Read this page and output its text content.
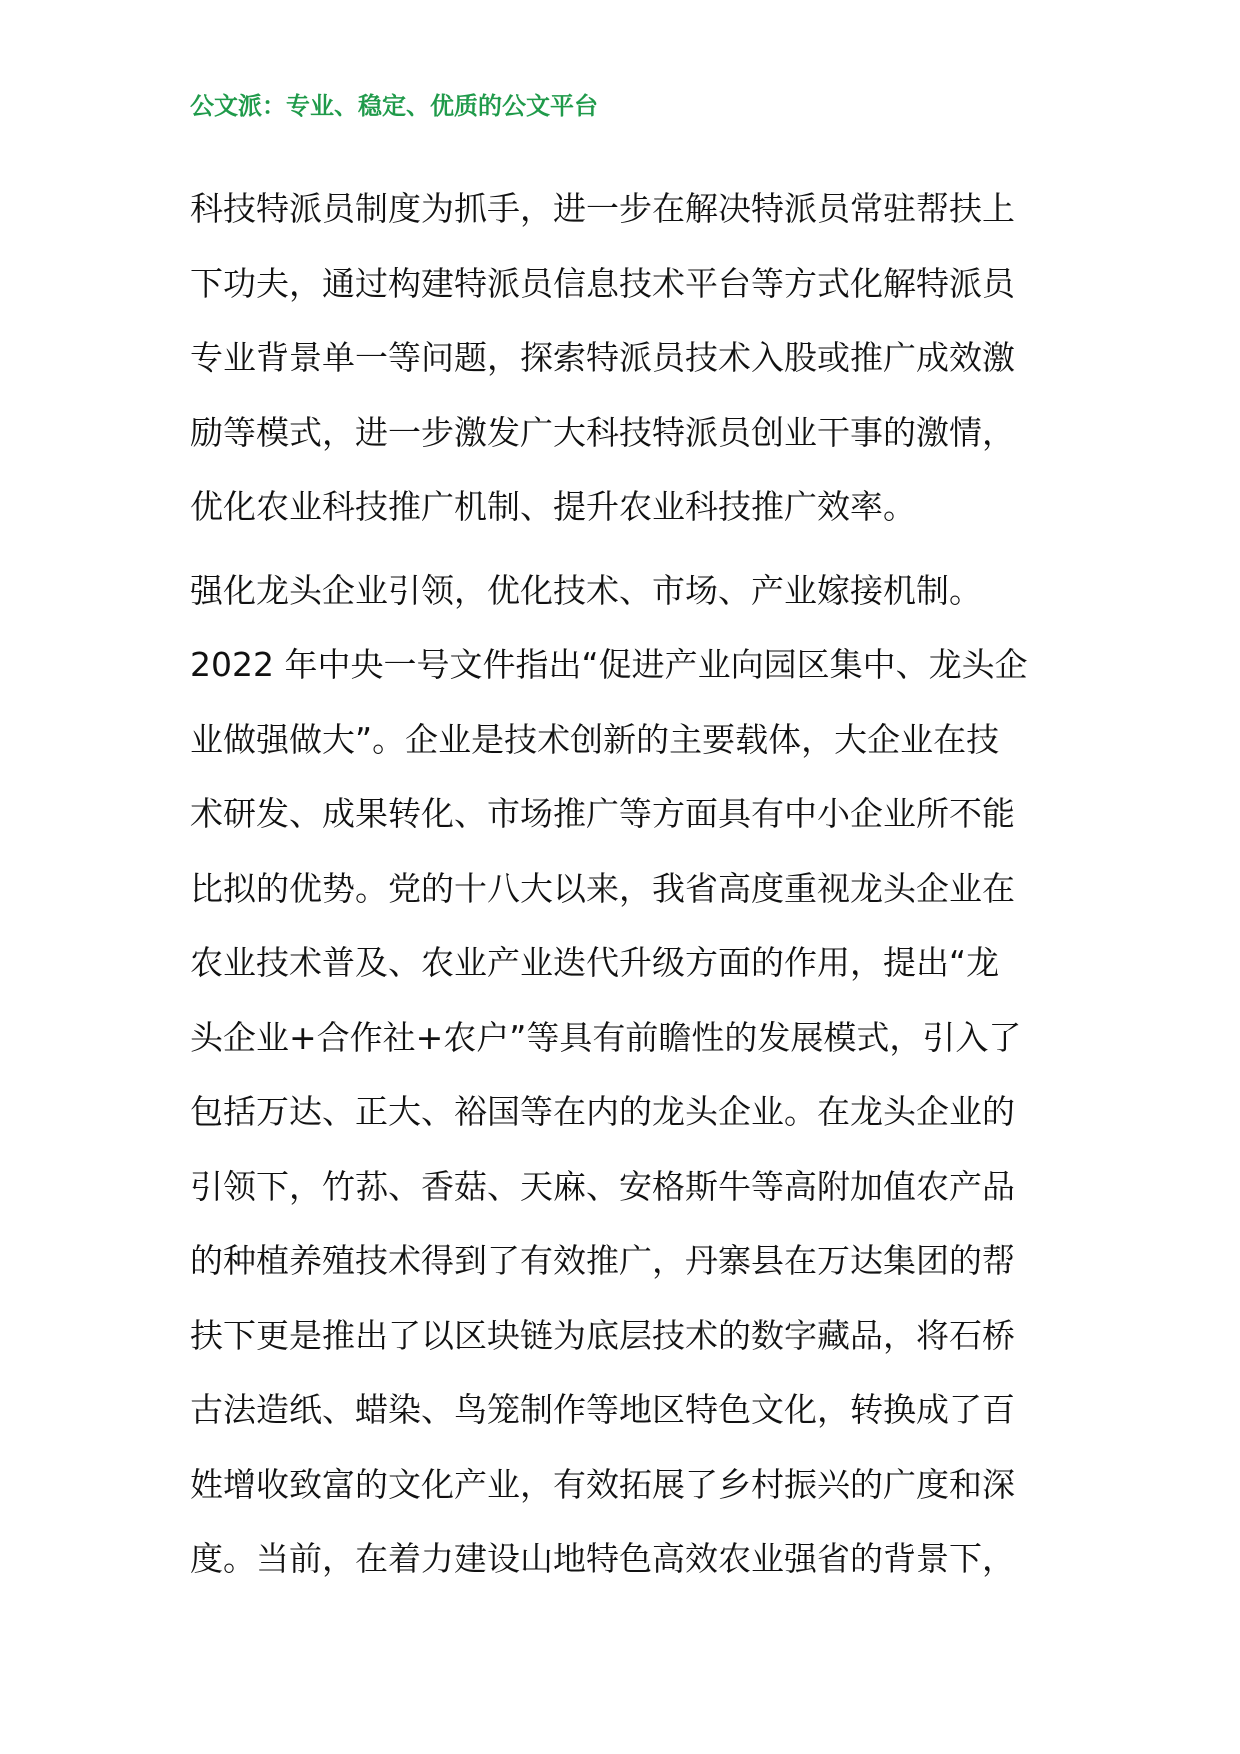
公文派：专业、稳定、优质的公文平台
科技特派员制度为抓手，进一步在解决特派员常驻帮扶上
下功夫，通过构建特派员信息技术平台等方式化解特派员
专业背景单一等问题，探索特派员技术入股或推广成效激
励等模式，进一步激发广大科技特派员创业干事的激情，
优化农业科技推广机制、提升农业科技推广效率。
强化龙头企业引领，优化技术、市场、产业嫁接机制。
2022 年中央一号文件指出“促进产业向园区集中、龙头企
业做强做大”。企业是技术创新的主要载体，大企业在技
术研发、成果转化、市场推广等方面具有中小企业所不能
比拟的优势。党的十八大以来，我省高度重视龙头企业在
农业技术普及、农业产业迭代升级方面的作用，提出“龙
头企业+合作社+农户”等具有前瞻性的发展模式，引入了
包括万达、正大、裕国等在内的龙头企业。在龙头企业的
引领下，竹荪、香菇、天麻、安格斯牛等高附加值农产品
的种植养殖技术得到了有效推广，丹寨县在万达集团的帮
扶下更是推出了以区块链为底层技术的数字藏品，将石桥
古法造纸、蜡染、鸟笼制作等地区特色文化，转换成了百
姓增收致富的文化产业，有效拓展了乡村振兴的广度和深
度。当前，在着力建设山地特色高效农业强省的背景下，
